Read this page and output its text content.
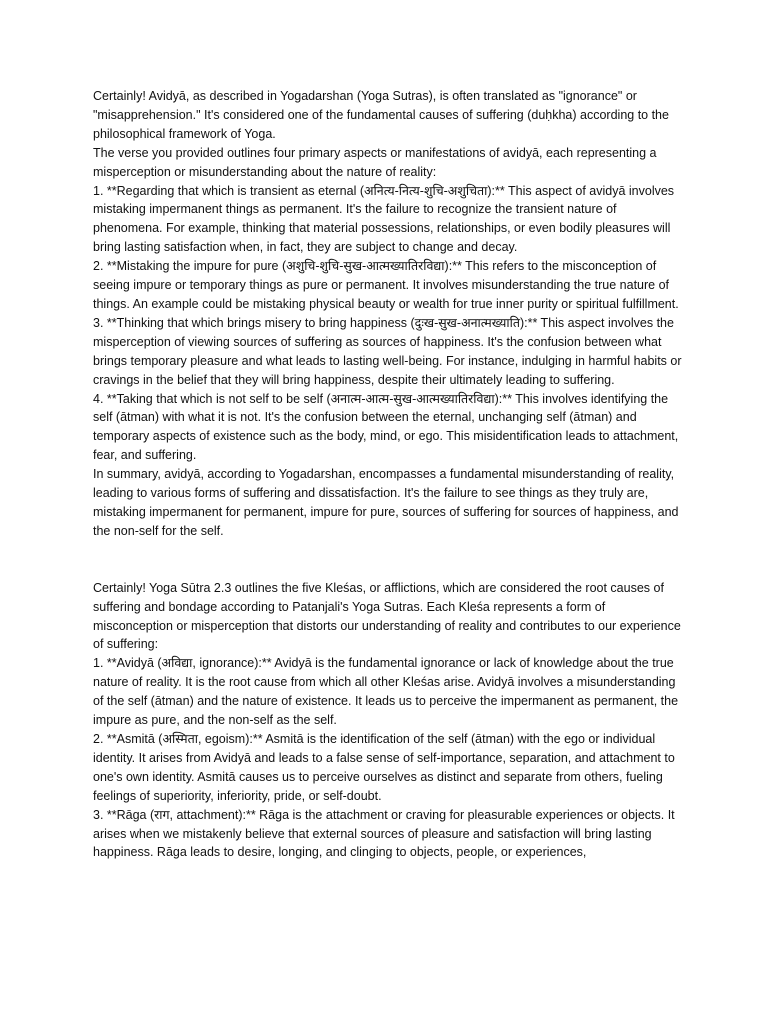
Certainly! Avidyā, as described in Yogadarshan (Yoga Sutras), is often translated as "ignorance" or "misapprehension." It's considered one of the fundamental causes of suffering (duḥkha) according to the philosophical framework of Yoga.

The verse you provided outlines four primary aspects or manifestations of avidyā, each representing a misperception or misunderstanding about the nature of reality:

1. **Regarding that which is transient as eternal (अनित्य-नित्य-शुचि-अशुचिता):** This aspect of avidyā involves mistaking impermanent things as permanent. It's the failure to recognize the transient nature of phenomena. For example, thinking that material possessions, relationships, or even bodily pleasures will bring lasting satisfaction when, in fact, they are subject to change and decay.

2. **Mistaking the impure for pure (अशुचि-शुचि-सुख-आत्मख्यातिरविद्या):** This refers to the misconception of seeing impure or temporary things as pure or permanent. It involves misunderstanding the true nature of things. An example could be mistaking physical beauty or wealth for true inner purity or spiritual fulfillment.

3. **Thinking that which brings misery to bring happiness (दुःख-सुख-अनात्मख्याति):** This aspect involves the misperception of viewing sources of suffering as sources of happiness. It's the confusion between what brings temporary pleasure and what leads to lasting well-being. For instance, indulging in harmful habits or cravings in the belief that they will bring happiness, despite their ultimately leading to suffering.

4. **Taking that which is not self to be self (अनात्म-आत्म-सुख-आत्मख्यातिरविद्या):** This involves identifying the self (ātman) with what it is not. It's the confusion between the eternal, unchanging self (ātman) and temporary aspects of existence such as the body, mind, or ego. This misidentification leads to attachment, fear, and suffering.

In summary, avidyā, according to Yogadarshan, encompasses a fundamental misunderstanding of reality, leading to various forms of suffering and dissatisfaction. It's the failure to see things as they truly are, mistaking impermanent for permanent, impure for pure, sources of suffering for sources of happiness, and the non-self for the self.

Certainly! Yoga Sūtra 2.3 outlines the five Kleśas, or afflictions, which are considered the root causes of suffering and bondage according to Patanjali's Yoga Sutras. Each Kleśa represents a form of misconception or misperception that distorts our understanding of reality and contributes to our experience of suffering:

1. **Avidyā (अविद्या, ignorance):** Avidyā is the fundamental ignorance or lack of knowledge about the true nature of reality. It is the root cause from which all other Kleśas arise. Avidyā involves a misunderstanding of the self (ātman) and the nature of existence. It leads us to perceive the impermanent as permanent, the impure as pure, and the non-self as the self.

2. **Asmitā (अस्मिता, egoism):** Asmitā is the identification of the self (ātman) with the ego or individual identity. It arises from Avidyā and leads to a false sense of self-importance, separation, and attachment to one's own identity. Asmitā causes us to perceive ourselves as distinct and separate from others, fueling feelings of superiority, inferiority, pride, or self-doubt.

3. **Rāga (राग, attachment):** Rāga is the attachment or craving for pleasurable experiences or objects. It arises when we mistakenly believe that external sources of pleasure and satisfaction will bring lasting happiness. Rāga leads to desire, longing, and clinging to objects, people, or experiences,
